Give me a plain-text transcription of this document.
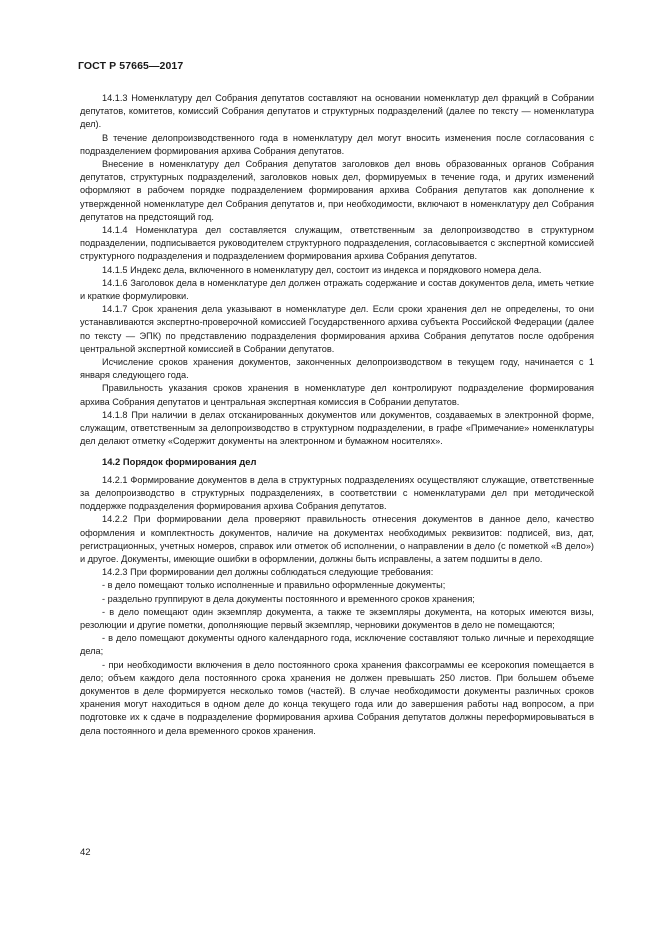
ГОСТ Р 57665—2017

14.1.3 Номенклатуру дел Собрания депутатов составляют на основании номенклатур дел фракций в Собрании депутатов, комитетов, комиссий Собрания депутатов и структурных подразделений (далее по тексту — номенклатура дел).

В течение делопроизводственного года в номенклатуру дел могут вносить изменения после согласования с подразделением формирования архива Собрания депутатов.

Внесение в номенклатуру дел Собрания депутатов заголовков дел вновь образованных органов Собрания депутатов, структурных подразделений, заголовков новых дел, формируемых в течение года, и других изменений оформляют в рабочем порядке подразделением формирования архива Собрания депутатов как дополнение к утвержденной номенклатуре дел Собрания депутатов и, при необходимости, включают в номенклатуру дел Собрания депутатов на предстоящий год.

14.1.4 Номенклатура дел составляется служащим, ответственным за делопроизводство в структурном подразделении, подписывается руководителем структурного подразделения, согласовывается с экспертной комиссией структурного подразделения и подразделением формирования архива Собрания депутатов.

14.1.5 Индекс дела, включенного в номенклатуру дел, состоит из индекса и порядкового номера дела.

14.1.6 Заголовок дела в номенклатуре дел должен отражать содержание и состав документов дела, иметь четкие и краткие формулировки.

14.1.7 Срок хранения дела указывают в номенклатуре дел. Если сроки хранения дел не определены, то они устанавливаются экспертно-проверочной комиссией Государственного архива субъекта Российской Федерации (далее по тексту — ЭПК) по представлению подразделения формирования архива Собрания депутатов после одобрения центральной экспертной комиссией в Собрании депутатов.

Исчисление сроков хранения документов, законченных делопроизводством в текущем году, начинается с 1 января следующего года.

Правильность указания сроков хранения в номенклатуре дел контролируют подразделение формирования архива Собрания депутатов и центральная экспертная комиссия в Собрании депутатов.

14.1.8 При наличии в делах отсканированных документов или документов, создаваемых в электронной форме, служащим, ответственным за делопроизводство в структурном подразделении, в графе «Примечание» номенклатуры дел делают отметку «Содержит документы на электронном и бумажном носителях».

14.2 Порядок формирования дел

14.2.1 Формирование документов в дела в структурных подразделениях осуществляют служащие, ответственные за делопроизводство в структурных подразделениях, в соответствии с номенклатурами дел при методической поддержке подразделения формирования архива Собрания депутатов.

14.2.2 При формировании дела проверяют правильность отнесения документов в данное дело, качество оформления и комплектность документов, наличие на документах необходимых реквизитов: подписей, виз, дат, регистрационных, учетных номеров, справок или отметок об исполнении, о направлении в дело (с пометкой «В дело») и другое. Документы, имеющие ошибки в оформлении, должны быть исправлены, а затем подшиты в дело.

14.2.3 При формировании дел должны соблюдаться следующие требования:

- в дело помещают только исполненные и правильно оформленные документы;

- раздельно группируют в дела документы постоянного и временного сроков хранения;

- в дело помещают один экземпляр документа, а также те экземпляры документа, на которых имеются визы, резолюции и другие пометки, дополняющие первый экземпляр, черновики документов в дело не помещаются;

- в дело помещают документы одного календарного года, исключение составляют только личные и переходящие дела;

- при необходимости включения в дело постоянного срока хранения факсограммы ее ксерокопия помещается в дело; объем каждого дела постоянного срока хранения не должен превышать 250 листов. При большем объеме документов в деле формируется несколько томов (частей). В случае необходимости документы различных сроков хранения могут находиться в одном деле до конца текущего года или до завершения работы над вопросом, а при подготовке их к сдаче в подразделение формирования архива Собрания депутатов должны переформировываться в дела постоянного и дела временного сроков хранения.

42
